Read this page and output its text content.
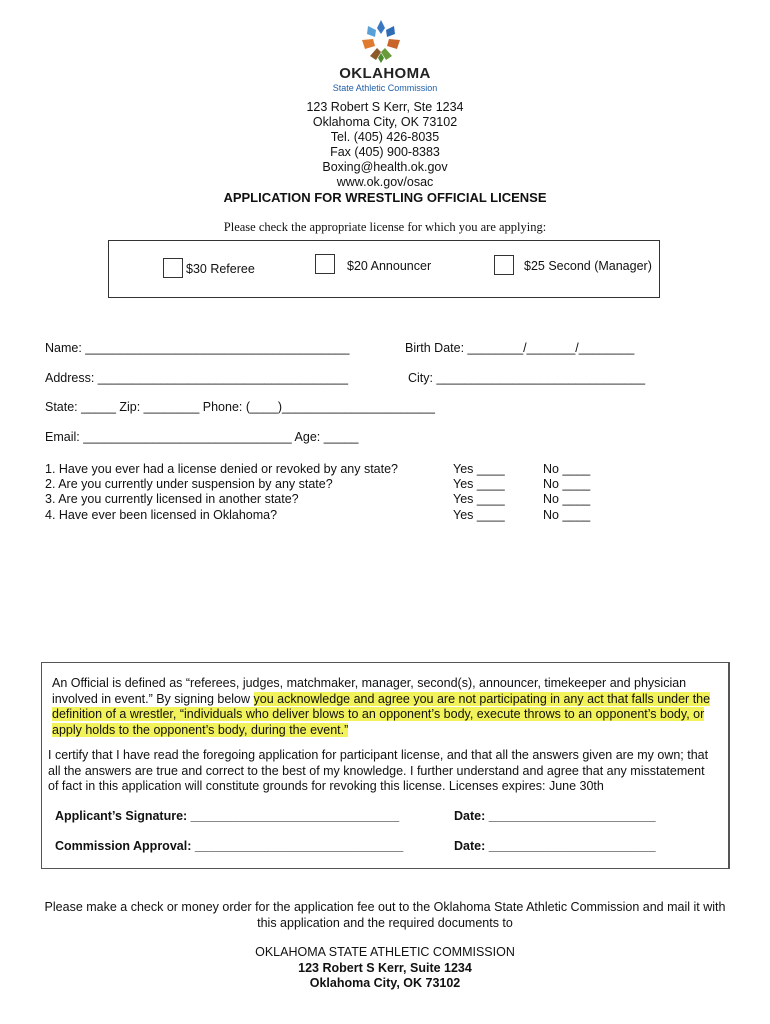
OKLAHOMA
State Athletic Commission
123 Robert S Kerr, Ste 1234
Oklahoma City, OK 73102
Tel. (405) 426-8035
Fax (405) 900-8383
Boxing@health.ok.gov
www.ok.gov/osac
APPLICATION FOR WRESTLING OFFICIAL LICENSE
Please check the appropriate license for which you are applying:
$30 Referee	$20 Announcer	$25 Second (Manager)
Name: ______________________________________	Birth Date: ________/_______/________
Address: ____________________________________	City: ______________________________
State: _____ Zip: ________ Phone: (____)______________________
Email: ______________________________ Age: _____
1. Have you ever had a license denied or revoked by any state?	Yes ____	No ____
2. Are you currently under suspension by any state?	Yes ____	No ____
3. Are you currently licensed in another state?	Yes ____	No ____
4. Have ever been licensed in Oklahoma?	Yes ____	No ____
An Official is defined as “referees, judges, matchmaker, manager, second(s), announcer, timekeeper and physician involved in event.” By signing below you acknowledge and agree you are not participating in any act that falls under the definition of a wrestler, “individuals who deliver blows to an opponent’s body, execute throws to an opponent’s body, or apply holds to the opponent’s body, during the event.”
I certify that I have read the foregoing application for participant license, and that all the answers given are my own; that all the answers are true and correct to the best of my knowledge. I further understand and agree that any misstatement of fact in this application will constitute grounds for revoking this license. Licenses expires: June 30th
Applicant’s Signature: ______________________________	Date: ________________________
Commission Approval: ______________________________	Date: ________________________
Please make a check or money order for the application fee out to the Oklahoma State Athletic Commission and mail it with this application and the required documents to
OKLAHOMA STATE ATHLETIC COMMISSION
123 Robert S Kerr, Suite 1234
Oklahoma City, OK 73102
